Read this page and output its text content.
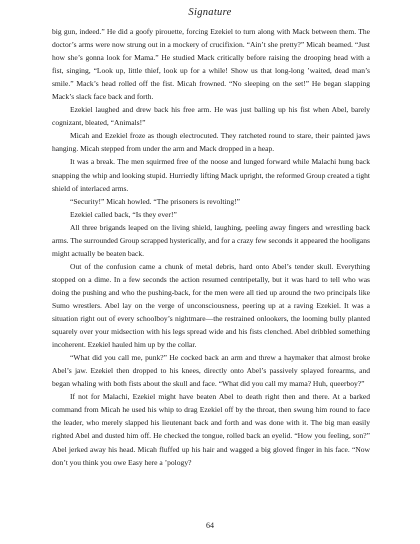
Signature

big gun, indeed.” He did a goofy pirouette, forcing Ezekiel to turn along with Mack between them. The doctor’s arms were now strung out in a mockery of crucifixion. “Ain’t she pretty?” Micah beamed. “Just how she’s gonna look for Mama.” He studied Mack critically before raising the drooping head with a fist, singing, “Look up, little thief, look up for a while! Show us that long-long ’waited, dead man’s smile.” Mack’s head rolled off the fist. Micah frowned. “No sleeping on the set!” He began slapping Mack’s slack face back and forth.

Ezekiel laughed and drew back his free arm. He was just balling up his fist when Abel, barely cognizant, bleated, “Animals!”

Micah and Ezekiel froze as though electrocuted. They ratcheted round to stare, their painted jaws hanging. Micah stepped from under the arm and Mack dropped in a heap.

It was a break. The men squirmed free of the noose and lunged forward while Malachi hung back snapping the whip and looking stupid. Hurriedly lifting Mack upright, the reformed Group created a tight shield of interlaced arms.

“Security!” Micah howled. “The prisoners is revolting!”

Ezekiel called back, “Is they ever!”

All three brigands leaped on the living shield, laughing, peeling away fingers and wrestling back arms. The surrounded Group scrapped hysterically, and for a crazy few seconds it appeared the hooligans might actually be beaten back.

Out of the confusion came a chunk of metal debris, hard onto Abel’s tender skull. Everything stopped on a dime. In a few seconds the action resumed centripetally, but it was hard to tell who was doing the pushing and who the pushing-back, for the men were all tied up around the two principals like Sumo wrestlers. Abel lay on the verge of unconsciousness, peering up at a raving Ezekiel. It was a situation right out of every schoolboy’s nightmare—the restrained onlookers, the looming bully planted squarely over your midsection with his legs spread wide and his fists clenched. Abel dribbled something incoherent. Ezekiel hauled him up by the collar.

“What did you call me, punk?” He cocked back an arm and threw a haymaker that almost broke Abel’s jaw. Ezekiel then dropped to his knees, directly onto Abel’s passively splayed forearms, and began whaling with both fists about the skull and face. “What did you call my mama? Huh, queerboy?”

If not for Malachi, Ezekiel might have beaten Abel to death right then and there. At a barked command from Micah he used his whip to drag Ezekiel off by the throat, then swung him round to face the leader, who merely slapped his lieutenant back and forth and was done with it. The big man easily righted Abel and dusted him off. He checked the tongue, rolled back an eyelid. “How you feeling, son?” Abel jerked away his head. Micah fluffed up his hair and wagged a big gloved finger in his face. “Now don’t you think you owe Easy here a ’pology?

64
